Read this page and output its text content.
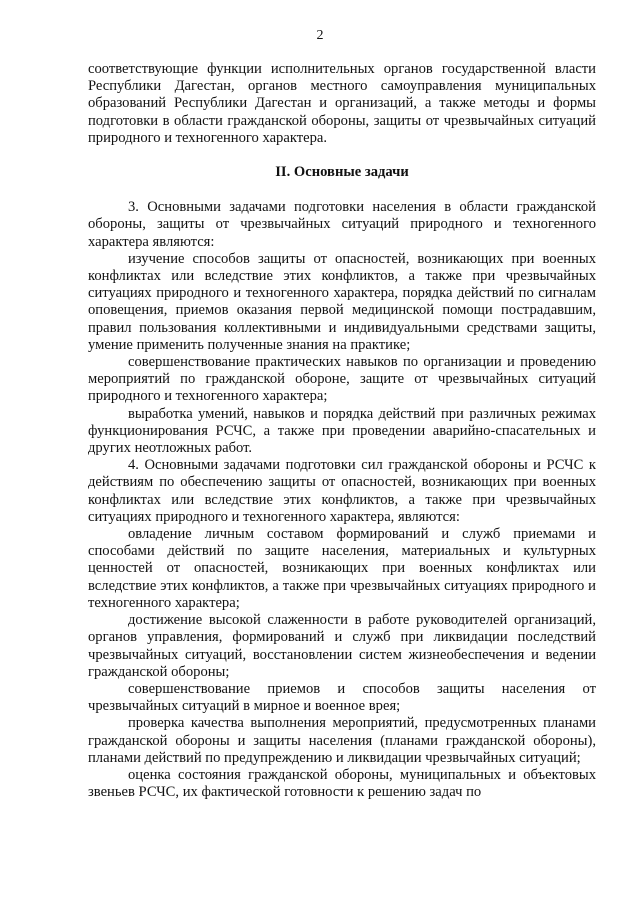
2

соответствующие функции исполнительных органов государственной власти Республики Дагестан, органов местного самоуправления муниципальных образований Республики Дагестан и организаций, а также методы и формы подготовки в области гражданской обороны, защиты от чрезвычайных ситуаций природного и техногенного характера.

II. Основные задачи

3. Основными задачами подготовки населения в области гражданской обороны, защиты от чрезвычайных ситуаций природного и техногенного характера являются:

изучение способов защиты от опасностей, возникающих при военных конфликтах или вследствие этих конфликтов, а также при чрезвычайных ситуациях природного и техногенного характера, порядка действий по сигналам оповещения, приемов оказания первой медицинской помощи пострадавшим, правил пользования коллективными и индивидуальными средствами защиты, умение применить полученные знания на практике;

совершенствование практических навыков по организации и проведению мероприятий по гражданской обороне, защите от чрезвычайных ситуаций природного и техногенного характера;

выработка умений, навыков и порядка действий при различных режимах функционирования РСЧС, а также при проведении аварийно-спасательных и других неотложных работ.

4. Основными задачами подготовки сил гражданской обороны и РСЧС к действиям по обеспечению защиты от опасностей, возникающих при военных конфликтах или вследствие этих конфликтов, а также при чрезвычайных ситуациях природного и техногенного характера, являются:

овладение личным составом формирований и служб приемами и способами действий по защите населения, материальных и культурных ценностей от опасностей, возникающих при военных конфликтах или вследствие этих конфликтов, а также при чрезвычайных ситуациях природного и техногенного характера;

достижение высокой слаженности в работе руководителей организаций, органов управления, формирований и служб при ликвидации последствий чрезвычайных ситуаций, восстановлении систем жизнеобеспечения и ведении гражданской обороны;

совершенствование приемов и способов защиты населения от чрезвычайных ситуаций в мирное и военное врея;

проверка качества выполнения мероприятий, предусмотренных планами гражданской обороны и защиты населения (планами гражданской обороны), планами действий по предупреждению и ликвидации чрезвычайных ситуаций;

оценка состояния гражданской обороны, муниципальных и объектовых звеньев РСЧС, их фактической готовности к решению задач по
